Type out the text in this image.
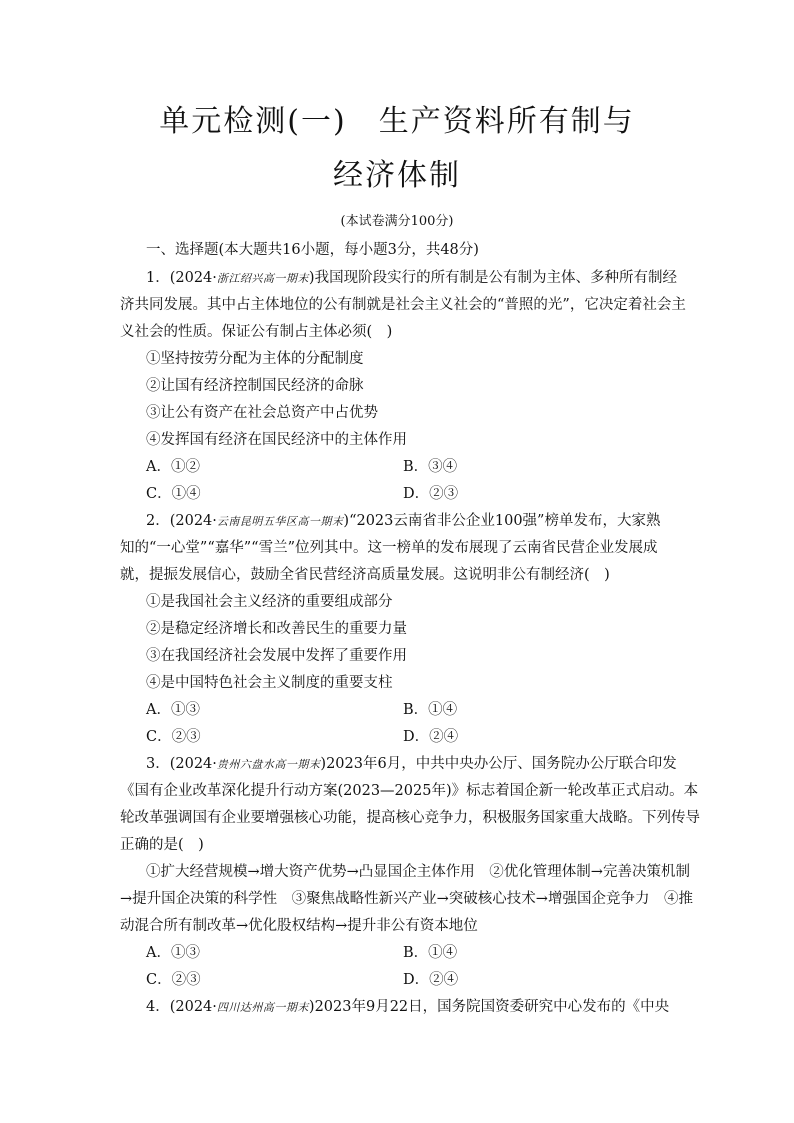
单元检测(一)　生产资料所有制与
经济体制
(本试卷满分100分)
一、选择题(本大题共16小题，每小题3分，共48分)
1．(2024·浙江绍兴高一期末)我国现阶段实行的所有制是公有制为主体、多种所有制经
济共同发展。其中占主体地位的公有制就是社会主义社会的“普照的光”，它决定着社会主
义社会的性质。保证公有制占主体必须(　)
①坚持按劳分配为主体的分配制度
②让国有经济控制国民经济的命脉
③让公有资产在社会总资产中占优势
④发挥国有经济在国民经济中的主体作用
A．①②	B．③④
C．①④	D．②③
2．(2024·云南昆明五华区高一期末)“2023云南省非公企业100强”榜单发布，大家熟
知的“一心堂”“嘉华”“雪兰”位列其中。这一榜单的发布展现了云南省民营企业发展成
就，提振发展信心，鼓励全省民营经济高质量发展。这说明非公有制经济(　)
①是我国社会主义经济的重要组成部分
②是稳定经济增长和改善民生的重要力量
③在我国经济社会发展中发挥了重要作用
④是中国特色社会主义制度的重要支柱
A．①③	B．①④
C．②③	D．②④
3．(2024·贵州六盘水高一期末)2023年6月，中共中央办公厅、国务院办公厅联合印发
《国有企业改革深化提升行动方案(2023—2025年)》标志着国企新一轮改革正式启动。本
轮改革强调国有企业要增强核心功能，提高核心竞争力，积极服务国家重大战略。下列传导
正确的是(　)
①扩大经营规模→增大资产优势→凸显国企主体作用　②优化管理体制→完善决策机制
→提升国企决策的科学性　③聚焦战略性新兴产业→突破核心技术→增强国企竞争力　④推
动混合所有制改革→优化股权结构→提升非公有资本地位
A．①③	B．①④
C．②③	D．②④
4．(2024·四川达州高一期末)2023年9月22日，国务院国资委研究中心发布的《中央
